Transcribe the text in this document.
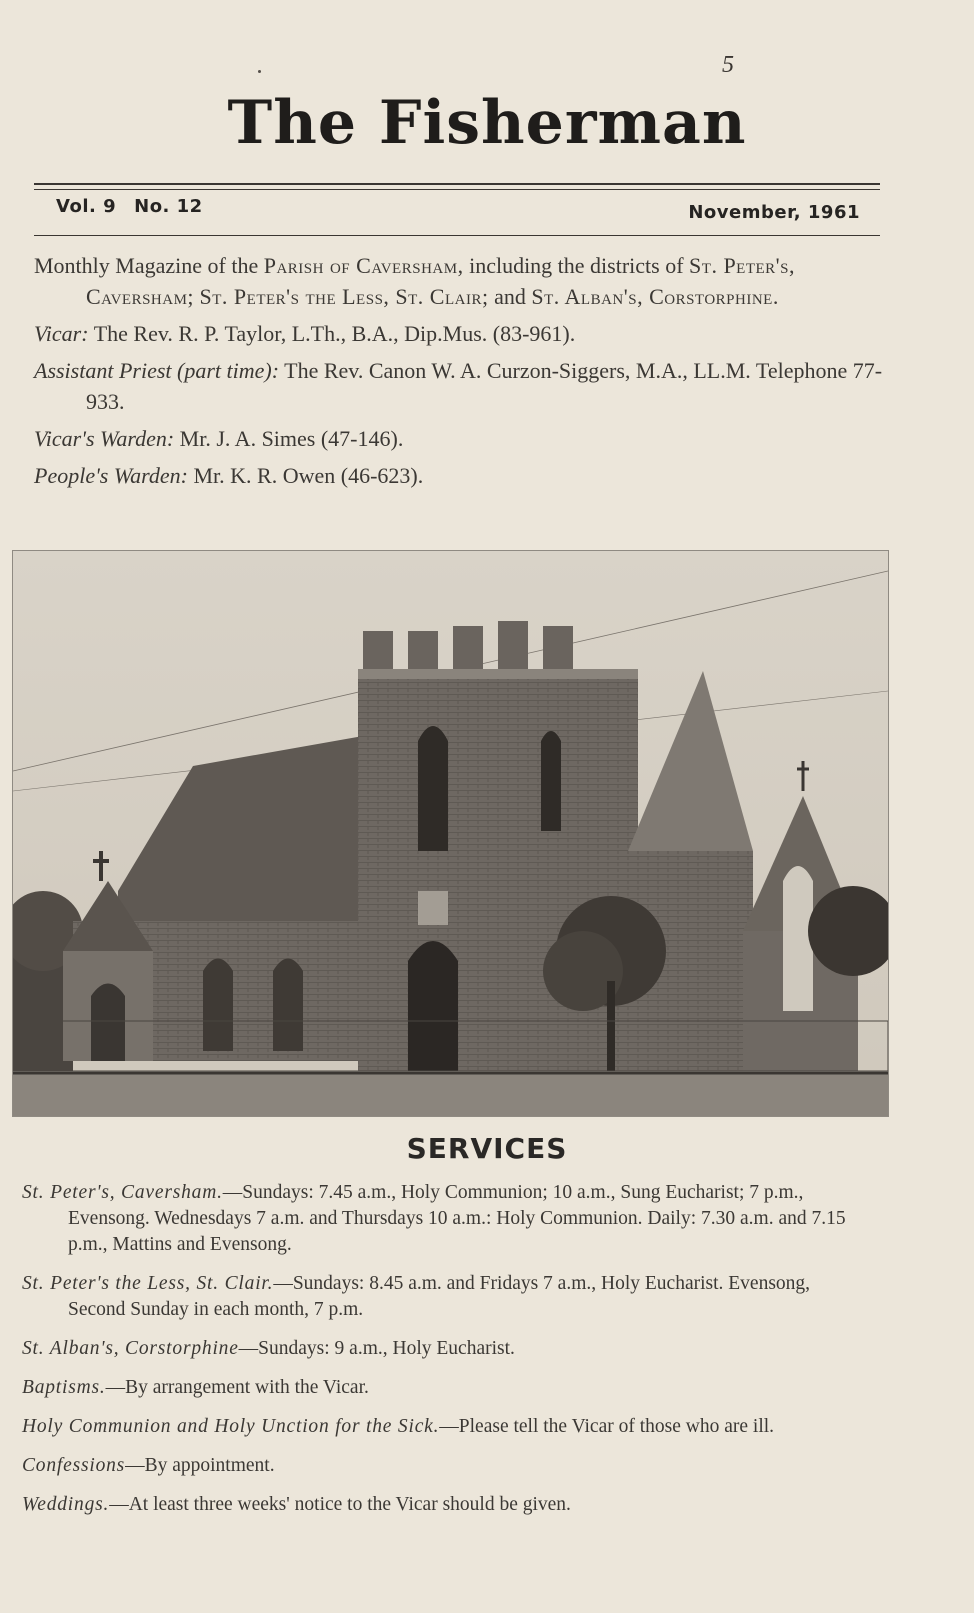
5
The Fisherman
Vol. 9 No. 12	November, 1961

Monthly Magazine of the Parish of Caversham, including the districts of St. Peter's, Caversham; St. Peter's the Less, St. Clair; and St. Alban's, Corstorphine.

Vicar: The Rev. R. P. Taylor, L.Th., B.A., Dip.Mus. (83-961).

Assistant Priest (part time): The Rev. Canon W. A. Curzon-Siggers, M.A., LL.M. Telephone 77-933.

Vicar's Warden: Mr. J. A. Simes (47-146).

People's Warden: Mr. K. R. Owen (46-623).

SERVICES

St. Peter's, Caversham.—Sundays: 7.45 a.m., Holy Communion; 10 a.m., Sung Eucharist; 7 p.m., Evensong. Wednesdays 7 a.m. and Thursdays 10 a.m.: Holy Communion. Daily: 7.30 a.m. and 7.15 p.m., Mattins and Evensong.

St. Peter's the Less, St. Clair.—Sundays: 8.45 a.m. and Fridays 7 a.m., Holy Eucharist. Evensong, Second Sunday in each month, 7 p.m.

St. Alban's, Corstorphine—Sundays: 9 a.m., Holy Eucharist.

Baptisms.—By arrangement with the Vicar.

Holy Communion and Holy Unction for the Sick.—Please tell the Vicar of those who are ill.

Confessions—By appointment.

Weddings.—At least three weeks' notice to the Vicar should be given.
